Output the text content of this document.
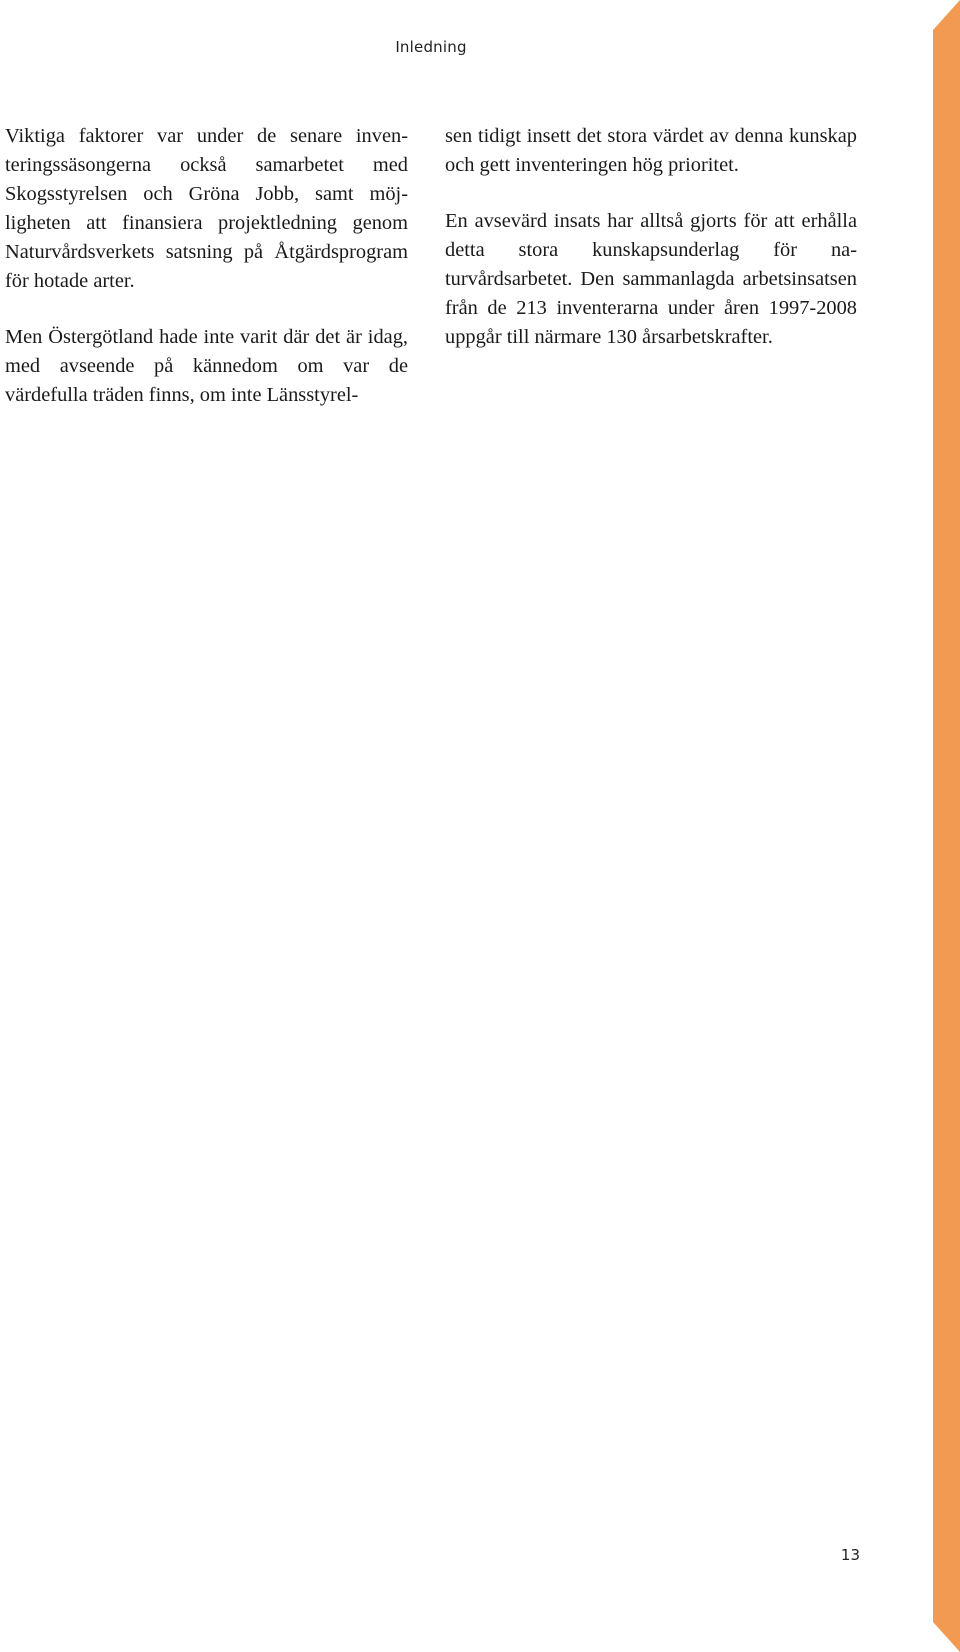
Inledning

Viktiga faktorer var under de senare inventeringssäsongerna också samarbetet med Skogsstyrelsen och Gröna Jobb, samt möjligheten att finansiera projektledning genom Naturvårdsverkets satsning på Åtgärdsprogram för hotade arter.

Men Östergötland hade inte varit där det är idag, med avseende på kännedom om var de värdefulla träden finns, om inte Länsstyrel-

sen tidigt insett det stora värdet av denna kunskap och gett inventeringen hög prioritet.

En avsevärd insats har alltså gjorts för att erhålla detta stora kunskapsunderlag för naturvårdsarbetet. Den sammanlagda arbetsinsatsen från de 213 inventerarna under åren 1997-2008 uppgår till närmare 130 årsarbetskrafter.

13
